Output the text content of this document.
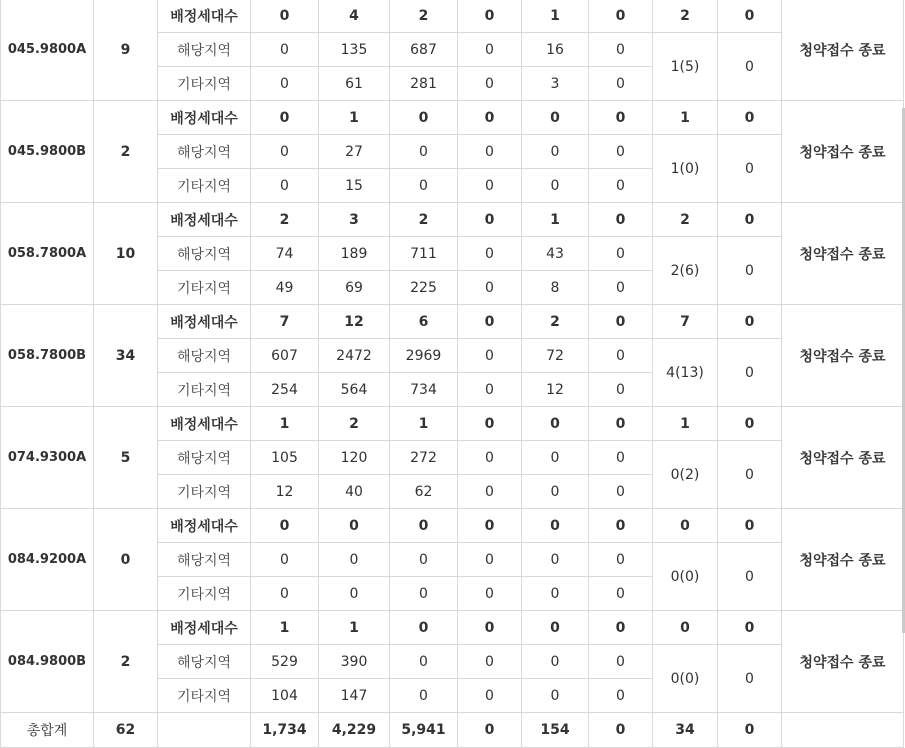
045.9800A	9	배정세대수	0	4	2	0	1	0	2	0	청약접수 종료
		해당지역	0	135	687	0	16	0	1(5)	0	
		기타지역	0	61	281	0	3	0			
045.9800B	2	배정세대수	0	1	0	0	0	0	1	0	청약접수 종료
		해당지역	0	27	0	0	0	0	1(0)	0	
		기타지역	0	15	0	0	0	0			
058.7800A	10	배정세대수	2	3	2	0	1	0	2	0	청약접수 종료
		해당지역	74	189	711	0	43	0	2(6)	0	
		기타지역	49	69	225	0	8	0			
058.7800B	34	배정세대수	7	12	6	0	2	0	7	0	청약접수 종료
		해당지역	607	2472	2969	0	72	0	4(13)	0	
		기타지역	254	564	734	0	12	0			
074.9300A	5	배정세대수	1	2	1	0	0	0	1	0	청약접수 종료
		해당지역	105	120	272	0	0	0	0(2)	0	
		기타지역	12	40	62	0	0	0			
084.9200A	0	배정세대수	0	0	0	0	0	0	0	0	청약접수 종료
		해당지역	0	0	0	0	0	0	0(0)	0	
		기타지역	0	0	0	0	0	0			
084.9800B	2	배정세대수	1	1	0	0	0	0	0	0	청약접수 종료
		해당지역	529	390	0	0	0	0	0(0)	0	
		기타지역	104	147	0	0	0	0			
총합계	62		1,734	4,229	5,941	0	154	0	34	0	
